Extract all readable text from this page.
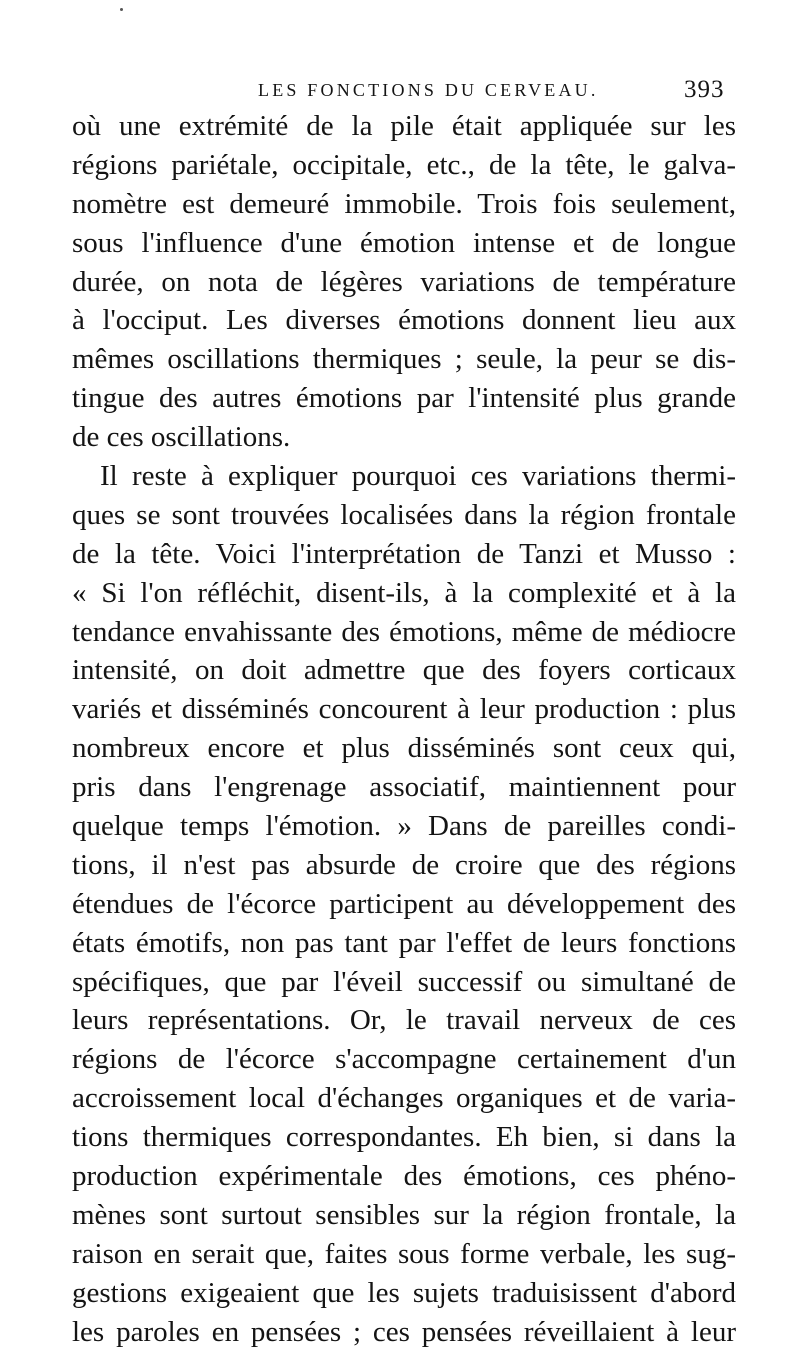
LES FONCTIONS DU CERVEAU.	393
où une extrémité de la pile était appliquée sur les
régions pariétale, occipitale, etc., de la tête, le galva-
nomètre est demeuré immobile. Trois fois seulement,
sous l'influence d'une émotion intense et de longue
durée, on nota de légères variations de température
à l'occiput. Les diverses émotions donnent lieu aux
mêmes oscillations thermiques ; seule, la peur se dis-
tingue des autres émotions par l'intensité plus grande
de ces oscillations.
Il reste à expliquer pourquoi ces variations thermi-
ques se sont trouvées localisées dans la région frontale
de la tête. Voici l'interprétation de Tanzi et Musso :
« Si l'on réfléchit, disent-ils, à la complexité et à la
tendance envahissante des émotions, même de médiocre
intensité, on doit admettre que des foyers corticaux
variés et disséminés concourent à leur production : plus
nombreux encore et plus disséminés sont ceux qui,
pris dans l'engrenage associatif, maintiennent pour
quelque temps l'émotion. » Dans de pareilles condi-
tions, il n'est pas absurde de croire que des régions
étendues de l'écorce participent au développement des
états émotifs, non pas tant par l'effet de leurs fonctions
spécifiques, que par l'éveil successif ou simultané de
leurs représentations. Or, le travail nerveux de ces
régions de l'écorce s'accompagne certainement d'un
accroissement local d'échanges organiques et de varia-
tions thermiques correspondantes. Eh bien, si dans la
production expérimentale des émotions, ces phéno-
mènes sont surtout sensibles sur la région frontale, la
raison en serait que, faites sous forme verbale, les sug-
gestions exigeaient que les sujets traduisissent d'abord
les paroles en pensées ; ces pensées réveillaient à leur
